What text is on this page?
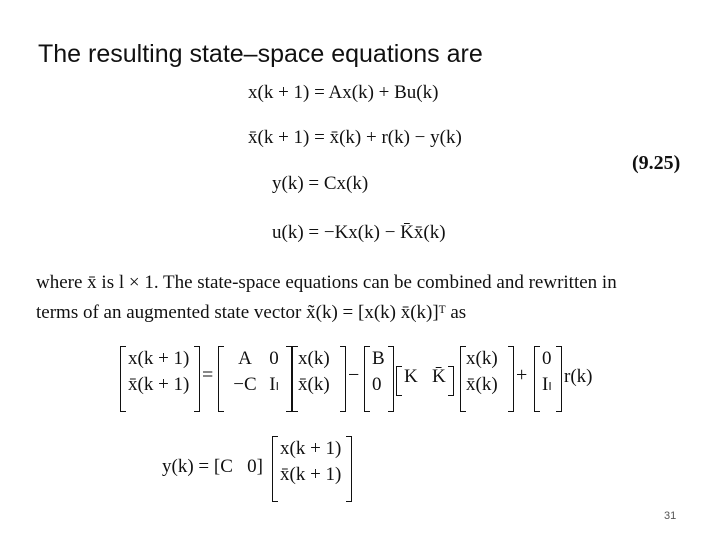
The resulting state–space equations are
x(k + 1) = Ax(k) + Bu(k)
x̄(k + 1) = x̄(k) + r(k) − y(k)
y(k) = Cx(k)
u(k) = −Kx(k) − K̄x̄(k)
(9.25)
where x̄ is l × 1. The state-space equations can be combined and rewritten in
terms of an augmented state vector x̃(k) = [x(k) x̄(k)]ᵀ as
x(k + 1)
x̄(k + 1) =
A 0
−C Iₗ
x(k)
x̄(k) −
B
0 K   K̄
x(k)
x̄(k) +
0
Iₗ r(k)
y(k) = [C   0]
x(k + 1)
x̄(k + 1)
31
